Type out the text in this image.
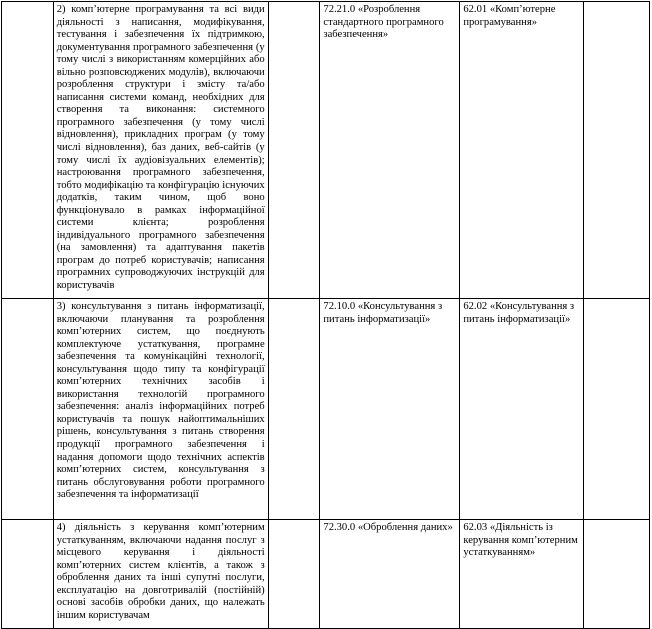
	2) комп’ютерне програмування та всі види діяльності з написання, модифікування, тестування і забезпечення їх підтримкою, документування програмного забезпечення (у тому числі з використанням комерційних або вільно розповсюджених модулів), включаючи розроблення структури і змісту та/або написання системи команд, необхідних для створення та виконання: системного програмного забезпечення (у тому числі відновлення), прикладних програм (у тому числі відновлення), баз даних, веб-сайтів (у тому числі їх аудіовізуальних елементів); настроювання програмного забезпечення, тобто модифікацію та конфігурацію існуючих додатків, таким чином, щоб воно функціонувало в рамках інформаційної системи клієнта; розроблення індивідуального програмного забезпечення (на замовлення) та адаптування пакетів програм до потреб користувачів; написання програмних супроводжуючих інструкцій для користувачів		72.21.0 «Розроблення стандартного програмного забезпечення»	62.01 «Комп’ютерне програмування»	

	3) консультування з питань інформатизації, включаючи планування та розроблення комп’ютерних систем, що поєднують комплектуюче устаткування, програмне забезпечення та комунікаційні технології, консультування щодо типу та конфігурації комп’ютерних технічних засобів і використання технологій програмного забезпечення: аналіз інформаційних потреб користувачів та пошук найоптимальніших рішень, консультування з питань створення продукції програмного забезпечення і надання допомоги щодо технічних аспектів комп’ютерних систем, консультування з питань обслуговування роботи програмного забезпечення та інформатизації		72.10.0 «Консультування з питань інформатизації»	62.02 «Консультування з питань інформатизації»	

	4) діяльність з керування комп’ютерним устаткуванням, включаючи надання послуг з місцевого керування і діяльності комп’ютерних систем клієнтів, а також з оброблення даних та інші супутні послуги, експлуатацію на довготривалій (постійній) основі засобів обробки даних, що належать іншим користувачам		72.30.0 «Оброблення даних»	62.03 «Діяльність із керування комп’ютерним устаткуванням»	
